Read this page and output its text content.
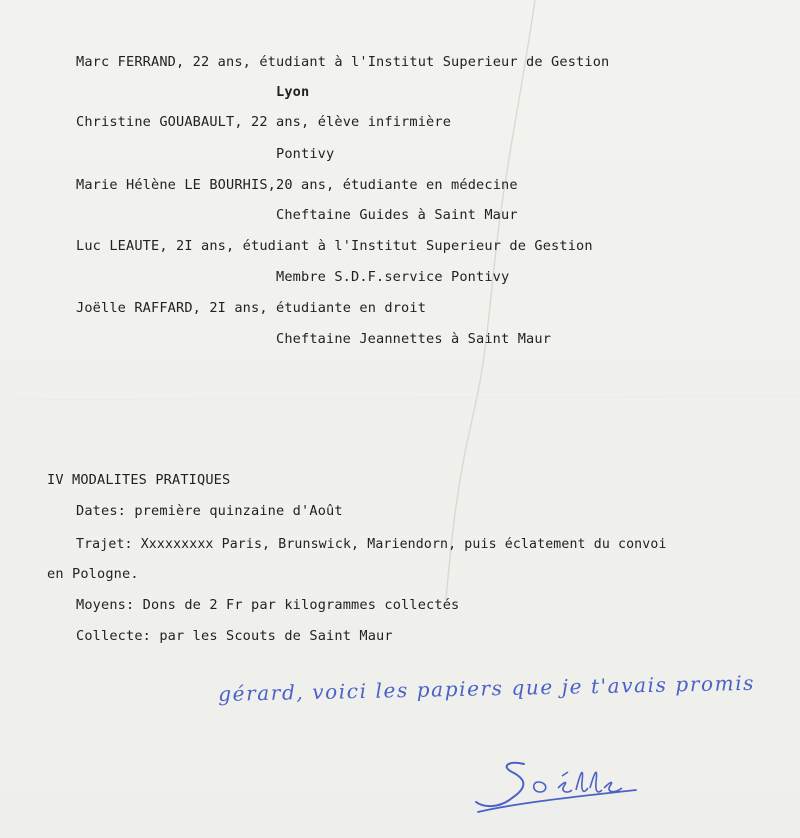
Marc FERRAND, 22 ans, étudiant à l'Institut Superieur de Gestion
Lyon
Christine GOUABAULT, 22 ans, élève infirmière
Pontivy
Marie Hélène LE BOURHIS,20 ans, étudiante en médecine
Cheftaine Guides à Saint Maur
Luc LEAUTE, 2I ans, étudiant à l'Institut Superieur de Gestion
Membre S.D.F.service Pontivy
Joëlle RAFFARD, 2I ans, étudiante en droit
Cheftaine Jeannettes à Saint Maur
IV MODALITES PRATIQUES
Dates: première quinzaine d'Août
Trajet: Xxxxxxxxx Paris, Brunswick, Mariendorn, puis éclatement du convoi
en Pologne.
Moyens: Dons de 2 Fr par kilogrammes collectés
Collecte: par les Scouts de Saint Maur
gérard, voici les papiers que je t'avais promis
